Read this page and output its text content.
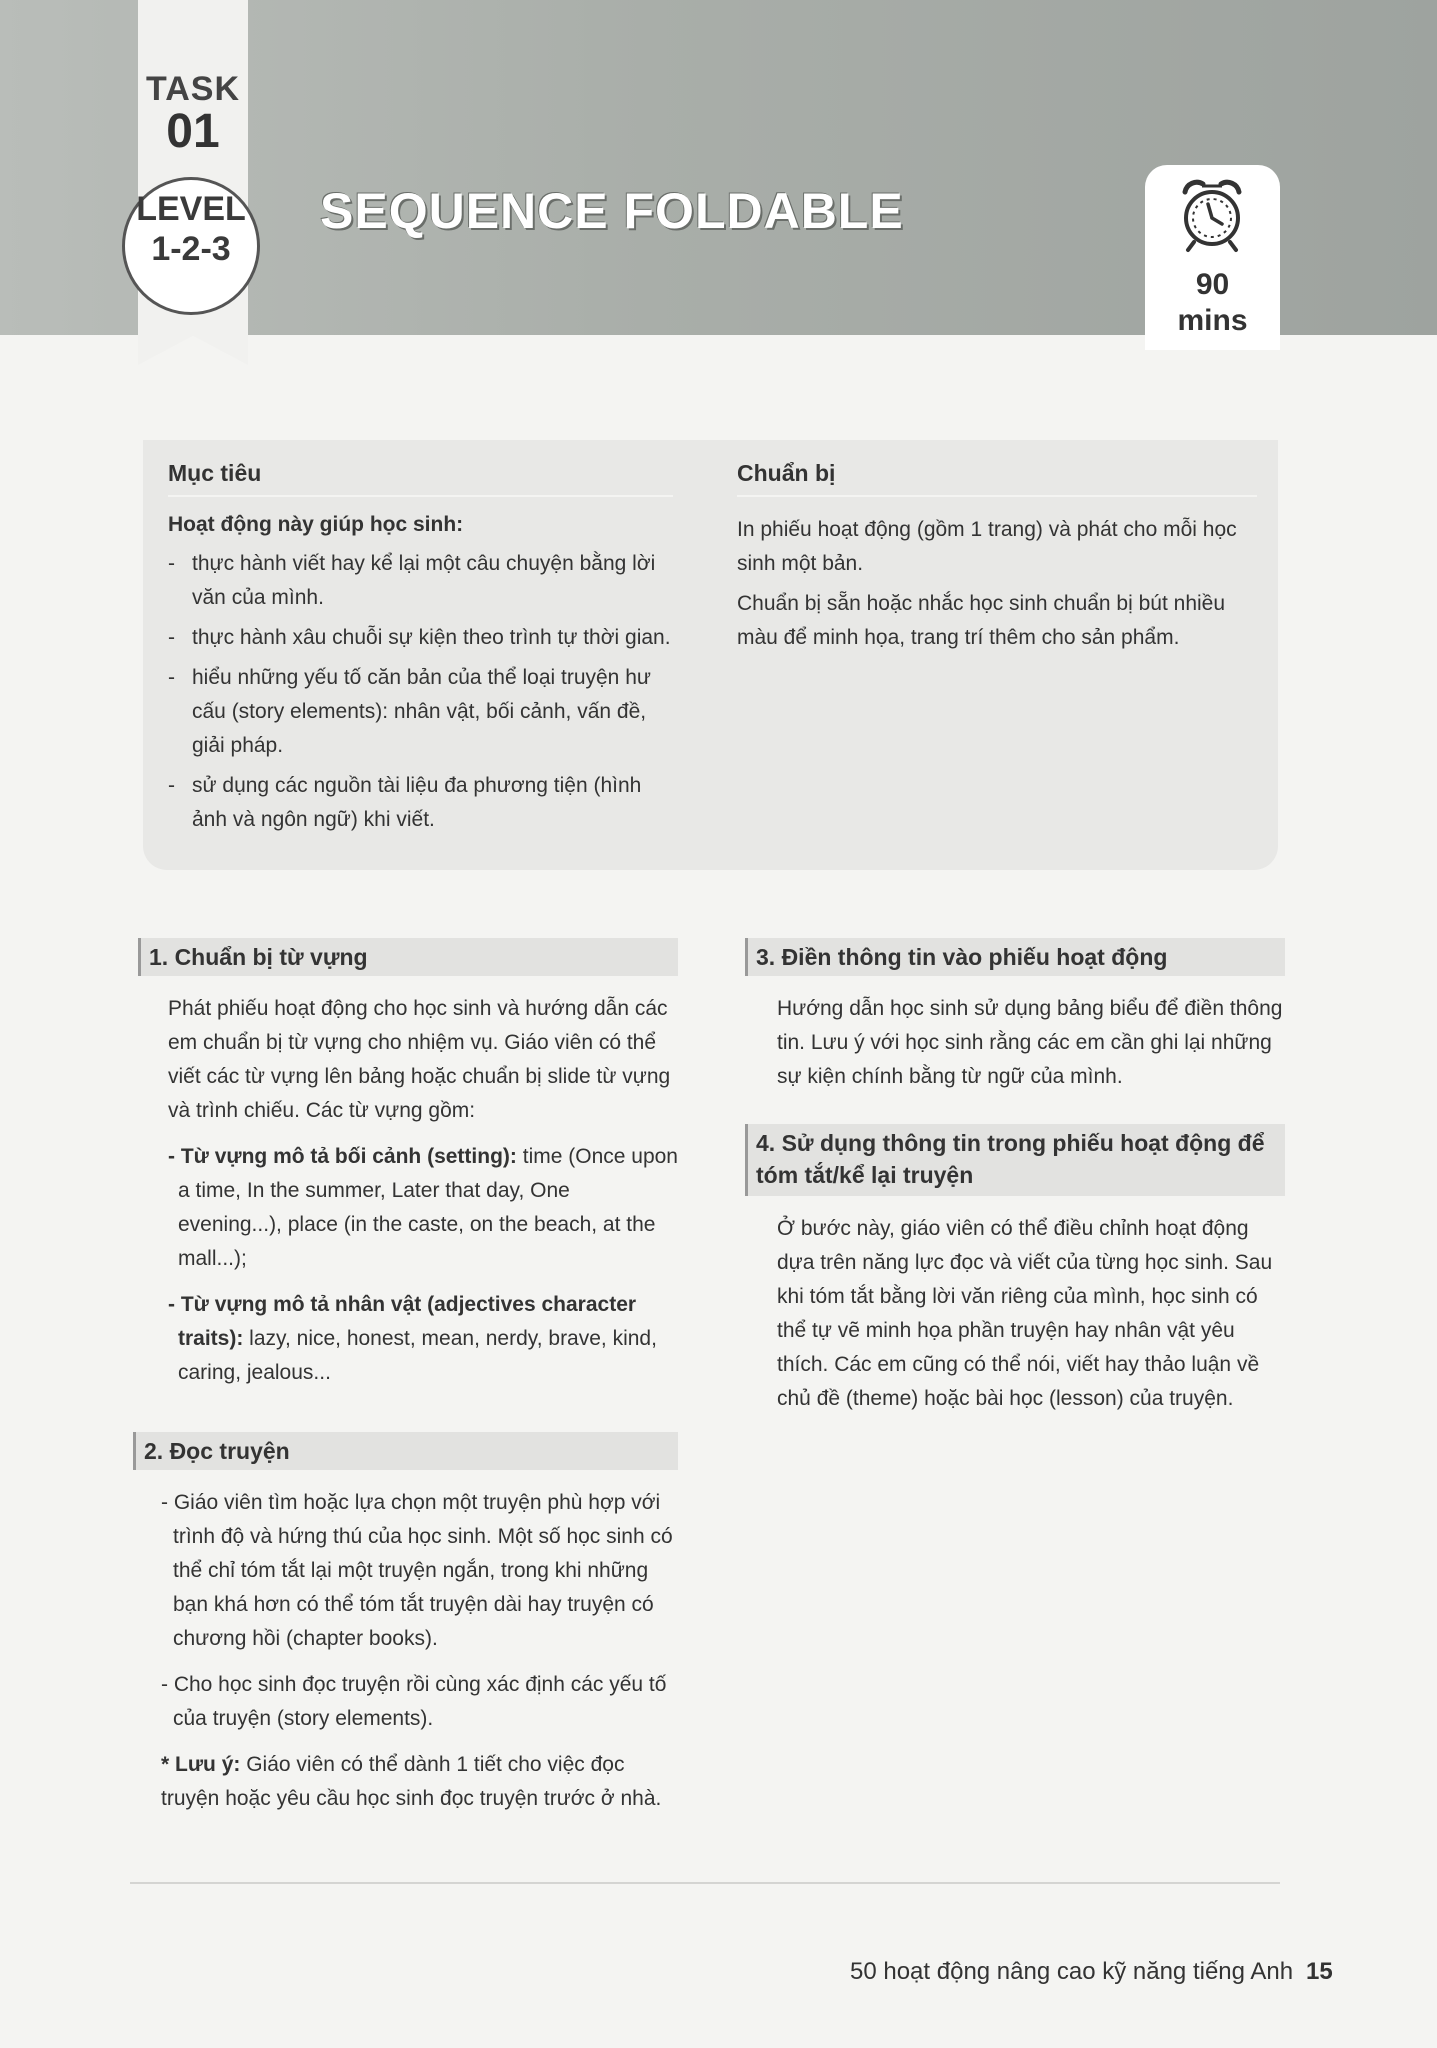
TASK
01
LEVEL
1-2-3
SEQUENCE FOLDABLE
90
mins
Mục tiêu
Hoạt động này giúp học sinh:
- thực hành viết hay kể lại một câu chuyện bằng lời văn của mình.
- thực hành xâu chuỗi sự kiện theo trình tự thời gian.
- hiểu những yếu tố căn bản của thể loại truyện hư cấu (story elements): nhân vật, bối cảnh, vấn đề, giải pháp.
- sử dụng các nguồn tài liệu đa phương tiện (hình ảnh và ngôn ngữ) khi viết.
Chuẩn bị
In phiếu hoạt động (gồm 1 trang) và phát cho mỗi học sinh một bản.
Chuẩn bị sẵn hoặc nhắc học sinh chuẩn bị bút nhiều màu để minh họa, trang trí thêm cho sản phẩm.
1. Chuẩn bị từ vựng

Phát phiếu hoạt động cho học sinh và hướng dẫn các em chuẩn bị từ vựng cho nhiệm vụ. Giáo viên có thể viết các từ vựng lên bảng hoặc chuẩn bị slide từ vựng và trình chiếu. Các từ vựng gồm:

- Từ vựng mô tả bối cảnh (setting): time (Once upon a time, In the summer, Later that day, One evening...), place (in the caste, on the beach, at the mall...);

- Từ vựng mô tả nhân vật (adjectives character traits): lazy, nice, honest, mean, nerdy, brave, kind, caring, jealous...

2. Đọc truyện

- Giáo viên tìm hoặc lựa chọn một truyện phù hợp với trình độ và hứng thú của học sinh. Một số học sinh có thể chỉ tóm tắt lại một truyện ngắn, trong khi những bạn khá hơn có thể tóm tắt truyện dài hay truyện có chương hồi (chapter books).

- Cho học sinh đọc truyện rồi cùng xác định các yếu tố của truyện (story elements).

* Lưu ý: Giáo viên có thể dành 1 tiết cho việc đọc truyện hoặc yêu cầu học sinh đọc truyện trước ở nhà.

3. Điền thông tin vào phiếu hoạt động

Hướng dẫn học sinh sử dụng bảng biểu để điền thông tin. Lưu ý với học sinh rằng các em cần ghi lại những sự kiện chính bằng từ ngữ của mình.

4. Sử dụng thông tin trong phiếu hoạt động để tóm tắt/kể lại truyện

Ở bước này, giáo viên có thể điều chỉnh hoạt động dựa trên năng lực đọc và viết của từng học sinh. Sau khi tóm tắt bằng lời văn riêng của mình, học sinh có thể tự vẽ minh họa phần truyện hay nhân vật yêu thích. Các em cũng có thể nói, viết hay thảo luận về chủ đề (theme) hoặc bài học (lesson) của truyện.

50 hoạt động nâng cao kỹ năng tiếng Anh 15
